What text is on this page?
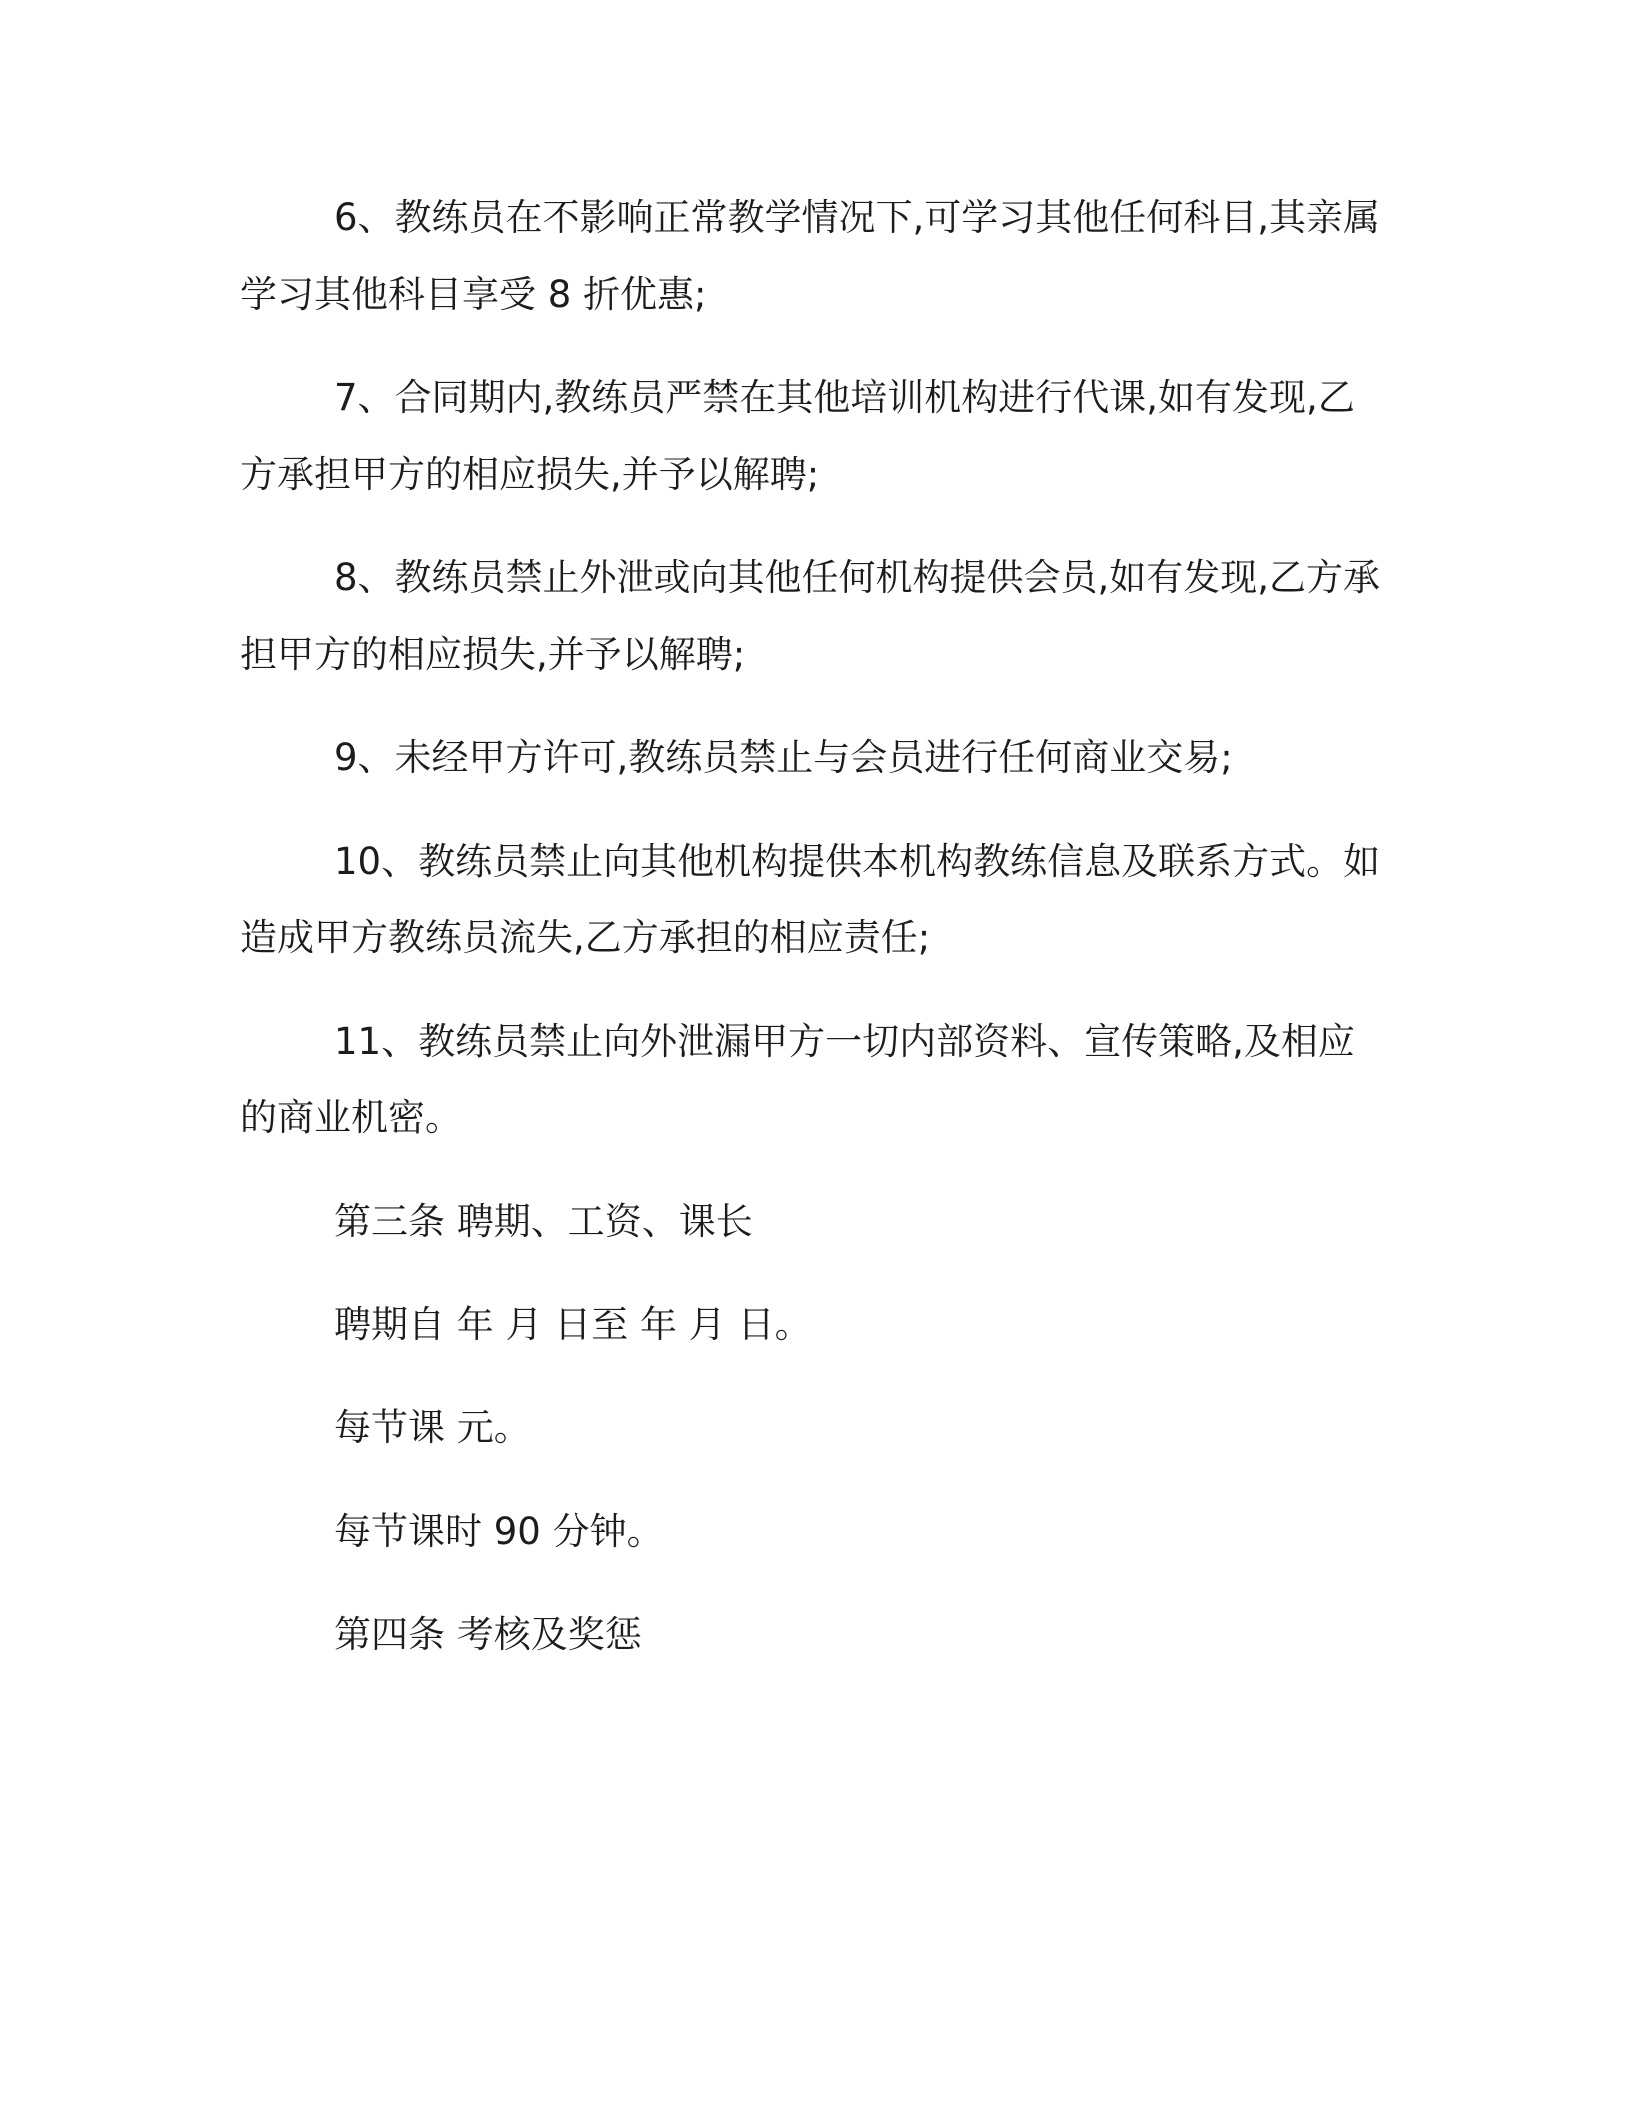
6、教练员在不影响正常教学情况下,可学习其他任何科目,其亲属

学习其他科目享受 8 折优惠;

7、合同期内,教练员严禁在其他培训机构进行代课,如有发现,乙

方承担甲方的相应损失,并予以解聘;

8、教练员禁止外泄或向其他任何机构提供会员,如有发现,乙方承

担甲方的相应损失,并予以解聘;

9、未经甲方许可,教练员禁止与会员进行任何商业交易;

10、教练员禁止向其他机构提供本机构教练信息及联系方式。如

造成甲方教练员流失,乙方承担的相应责任;

11、教练员禁止向外泄漏甲方一切内部资料、宣传策略,及相应

的商业机密。

第三条 聘期、工资、课长

聘期自 年 月 日至 年 月 日。

每节课 元。

每节课时 90 分钟。

第四条 考核及奖惩
